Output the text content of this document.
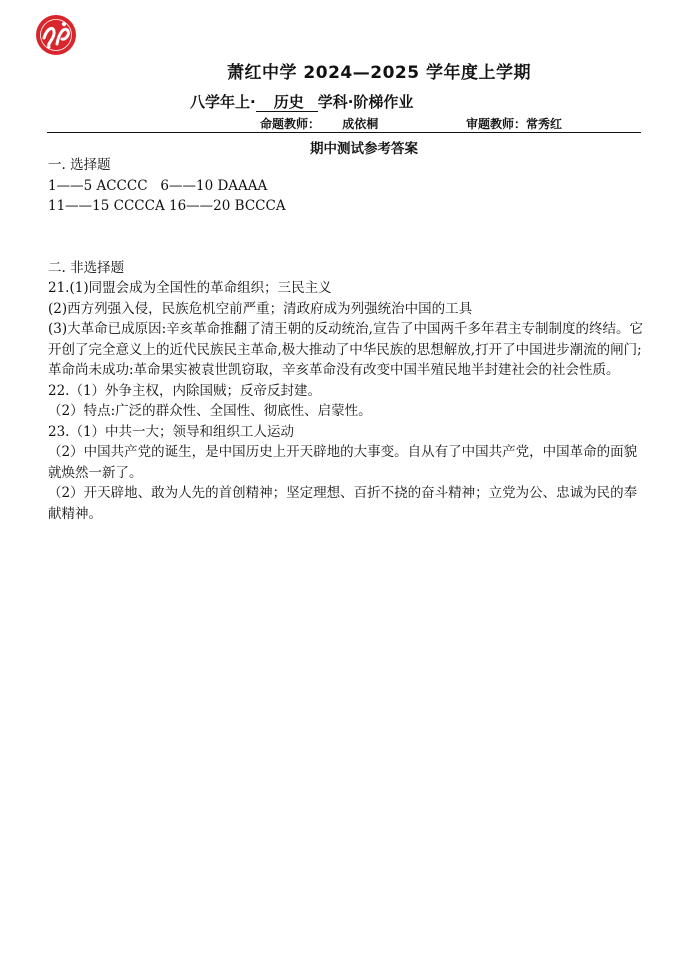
萧红中学 2024—2025 学年度上学期
八学年上· 历史 学科·阶梯作业
命题教师： 成依桐	审题教师：常秀红
期中测试参考答案
一. 选择题
1——5 ACCCC   6——10 DAAAA
11——15 CCCCA 16——20 BCCCA
二. 非选择题
21.(1)同盟会成为全国性的革命组织；三民主义
(2)西方列强入侵，民族危机空前严重；清政府成为列强统治中国的工具
(3)大革命已成原因:辛亥革命推翻了清王朝的反动统治,宣告了中国两千多年君主专制制度的终结。它开创了完全意义上的近代民族民主革命,极大推动了中华民族的思想解放,打开了中国进步潮流的闸门;
革命尚未成功:革命果实被袁世凯窃取，辛亥革命没有改变中国半殖民地半封建社会的社会性质。
22.（1）外争主权，内除国贼；反帝反封建。
（2）特点:广泛的群众性、全国性、彻底性、启蒙性。
23.（1）中共一大；领导和组织工人运动
（2）中国共产党的诞生，是中国历史上开天辟地的大事变。自从有了中国共产党，中国革命的面貌就焕然一新了。
（2）开天辟地、敢为人先的首创精神；坚定理想、百折不挠的奋斗精神；立党为公、忠诚为民的奉献精神。
